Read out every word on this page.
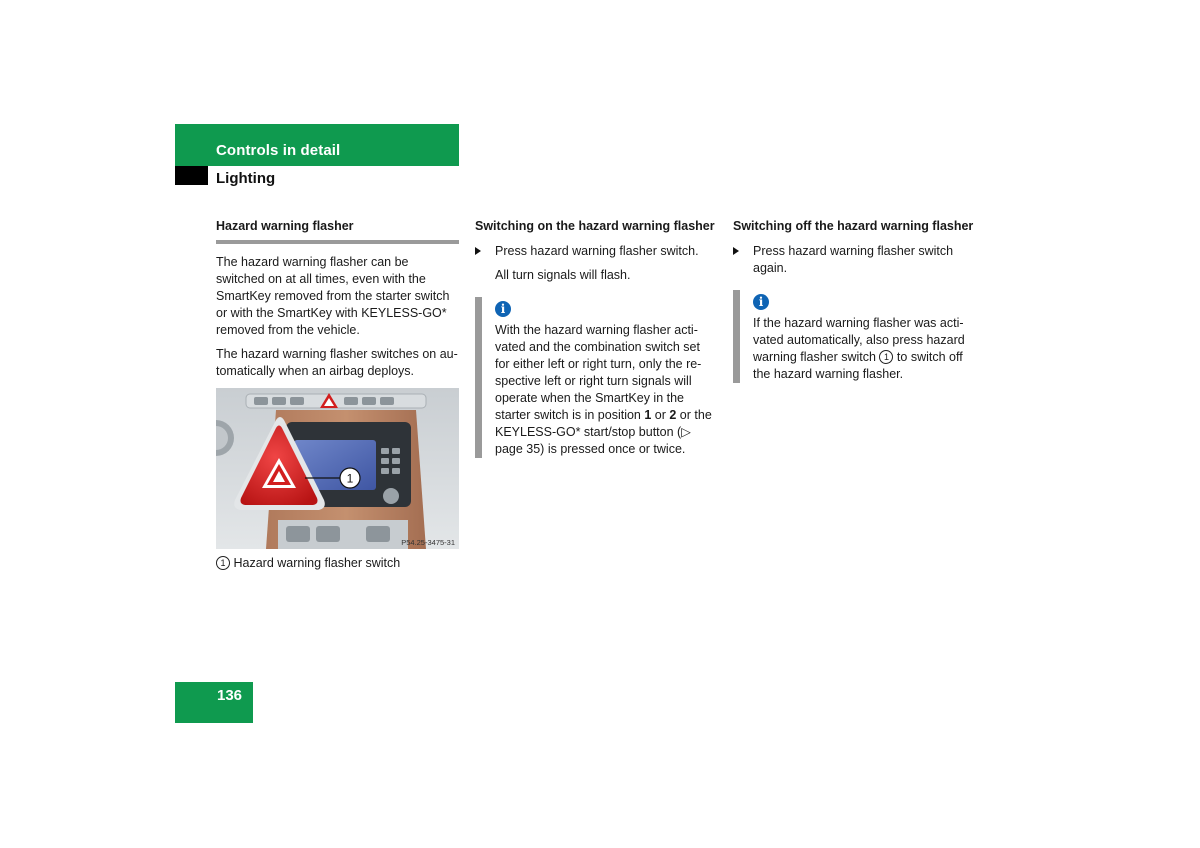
Controls in detail
Lighting
Hazard warning flasher

The hazard warning flasher can be switched on at all times, even with the SmartKey removed from the starter switch or with the SmartKey with KEYLESS-GO* removed from the vehicle.

The hazard warning flasher switches on au-tomatically when an airbag deploys.

1
P54.25-3475-31
1 Hazard warning flasher switch
Switching on the hazard warning flasher
Press hazard warning flasher switch.
All turn signals will flash.
i
With the hazard warning flasher acti-vated and the combination switch set for either left or right turn, only the re-spective left or right turn signals will operate when the SmartKey in the starter switch is in position 1 or 2 or the KEYLESS-GO* start/stop button (▷ page 35) is pressed once or twice.
Switching off the hazard warning flasher
Press hazard warning flasher switch again.
i
If the hazard warning flasher was acti-vated automatically, also press hazard warning flasher switch 1 to switch off the hazard warning flasher.
136
